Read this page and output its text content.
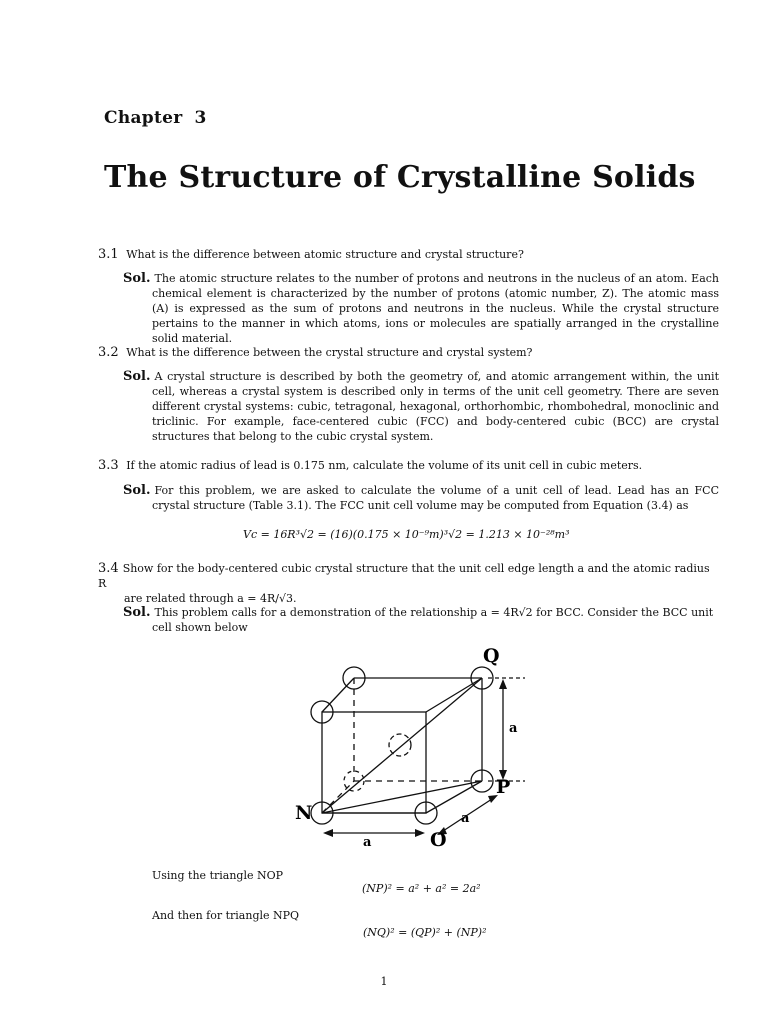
Chapter 3
The Structure of Crystalline Solids
3.1 What is the difference between atomic structure and crystal structure?
Sol. The atomic structure relates to the number of protons and neutrons in the nucleus of an atom. Each chemical element is characterized by the number of protons (atomic number, Z). The atomic mass (A) is expressed as the sum of protons and neutrons in the nucleus. While the crystal structure pertains to the manner in which atoms, ions or molecules are spatially arranged in the crystalline solid material.
3.2 What is the difference between the crystal structure and crystal system?
Sol. A crystal structure is described by both the geometry of, and atomic arrangement within, the unit cell, whereas a crystal system is described only in terms of the unit cell geometry. There are seven different crystal systems: cubic, tetragonal, hexagonal, orthorhombic, rhombohedral, monoclinic and triclinic. For example, face-centered cubic (FCC) and body-centered cubic (BCC) are crystal structures that belong to the cubic crystal system.
3.3 If the atomic radius of lead is 0.175 nm, calculate the volume of its unit cell in cubic meters.
Sol. For this problem, we are asked to calculate the volume of a unit cell of lead. Lead has an FCC crystal structure (Table 3.1). The FCC unit cell volume may be computed from Equation (3.4) as
Vc = 16R³√2 = (16)(0.175 × 10⁻⁹m)³√2 = 1.213 × 10⁻²⁸m³
3.4 Show for the body-centered cubic crystal structure that the unit cell edge length a and the atomic radius R
are related through a = 4R/√3.
Sol. This problem calls for a demonstration of the relationship a = 4R√2 for BCC. Consider the BCC unit
cell shown below
Q
P
N
O
a
a
a
Using the triangle NOP
(NP)² = a² + a² = 2a²
And then for triangle NPQ
(NQ)² = (QP)² + (NP)²
1
